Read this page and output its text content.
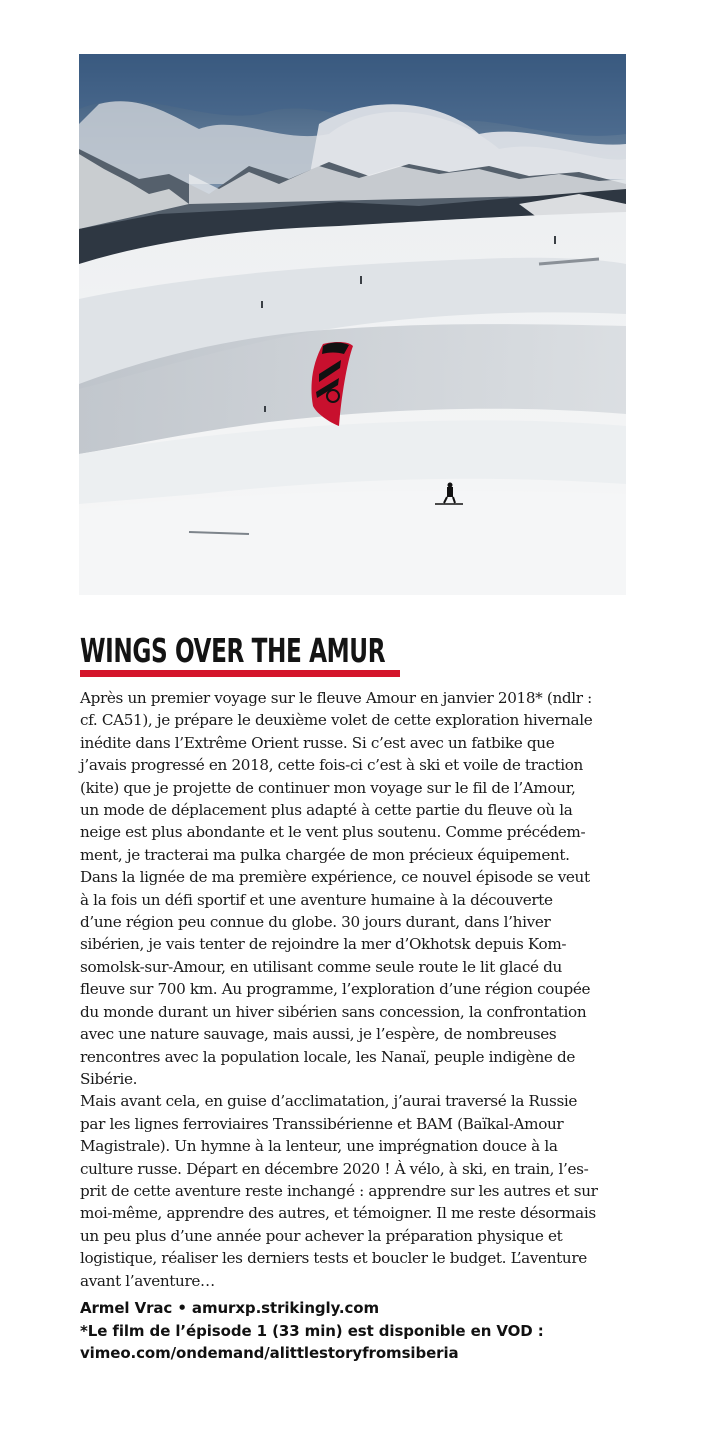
WINGS OVER THE AMUR
Après un premier voyage sur le fleuve Amour en janvier 2018* (ndlr :
cf. CA51), je prépare le deuxième volet de cette exploration hivernale
inédite dans l’Extrême Orient russe. Si c’est avec un fatbike que
j’avais progressé en 2018, cette fois-ci c’est à ski et voile de traction
(kite) que je projette de continuer mon voyage sur le fil de l’Amour,
un mode de déplacement plus adapté à cette partie du fleuve où la
neige est plus abondante et le vent plus soutenu. Comme précédem-
ment, je tracterai ma pulka chargée de mon précieux équipement.
Dans la lignée de ma première expérience, ce nouvel épisode se veut
à la fois un défi sportif et une aventure humaine à la découverte
d’une région peu connue du globe. 30 jours durant, dans l’hiver
sibérien, je vais tenter de rejoindre la mer d’Okhotsk depuis Kom-
somolsk-sur-Amour, en utilisant comme seule route le lit glacé du
fleuve sur 700 km. Au programme, l’exploration d’une région coupée
du monde durant un hiver sibérien sans concession, la confrontation
avec une nature sauvage, mais aussi, je l’espère, de nombreuses
rencontres avec la population locale, les Nanaï, peuple indigène de
Sibérie.
Mais avant cela, en guise d’acclimatation, j’aurai traversé la Russie
par les lignes ferroviaires Transsibérienne et BAM (Baïkal-Amour
Magistrale). Un hymne à la lenteur, une imprégnation douce à la
culture russe. Départ en décembre 2020 ! À vélo, à ski, en train, l’es-
prit de cette aventure reste inchangé : apprendre sur les autres et sur
moi-même, apprendre des autres, et témoigner. Il me reste désormais
un peu plus d’une année pour achever la préparation physique et
logistique, réaliser les derniers tests et boucler le budget. L’aventure
avant l’aventure…
Armel Vrac • amurxp.strikingly.com
*Le film de l’épisode 1 (33 min) est disponible en VOD :
vimeo.com/ondemand/alittlestoryfromsiberia
